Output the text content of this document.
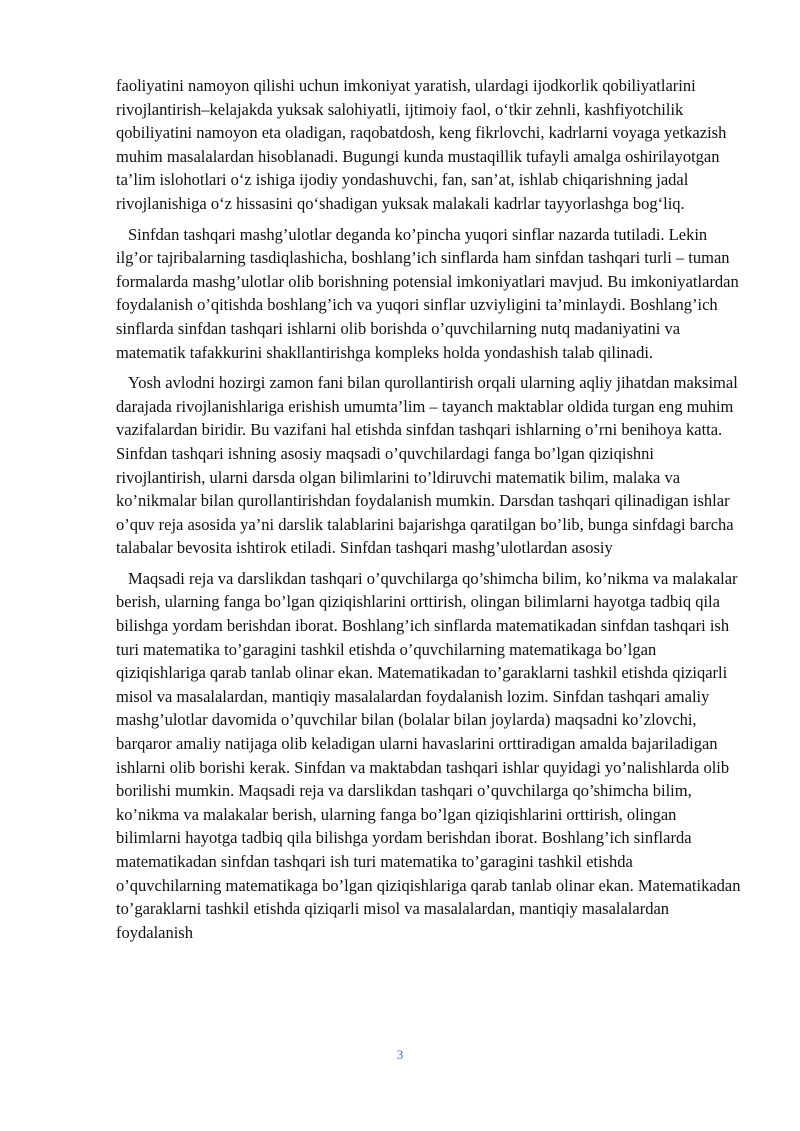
faoliyatini namoyon qilishi uchun imkoniyat yaratish, ulardagi ijodkorlik qobiliyatlarini rivojlantirish–kelajakda yuksak salohiyatli, ijtimoiy faol, o‘tkir zehnli, kashfiyotchilik qobiliyatini namoyon eta oladigan, raqobatdosh, keng fikrlovchi, kadrlarni voyaga yetkazish muhim masalalardan hisoblanadi. Bugungi kunda mustaqillik tufayli amalga oshirilayotgan ta’lim islohotlari o‘z ishiga ijodiy yondashuvchi, fan, san’at, ishlab chiqarishning jadal rivojlanishiga o‘z hissasini qo‘shadigan yuksak malakali kadrlar tayyorlashga bog‘liq.

Sinfdan tashqari mashg’ulotlar deganda ko’pincha yuqori sinflar nazarda tutiladi. Lekin ilg’or tajribalarning tasdiqlashicha, boshlang’ich sinflarda ham sinfdan tashqari turli – tuman formalarda mashg’ulotlar olib borishning potensial imkoniyatlari mavjud. Bu imkoniyatlardan foydalanish o’qitishda boshlang’ich va yuqori sinflar uzviyligini ta’minlaydi. Boshlang’ich sinflarda sinfdan tashqari ishlarni olib borishda o’quvchilarning nutq madaniyatini va matematik tafakkurini shakllantirishga kompleks holda yondashish talab qilinadi.

Yosh avlodni hozirgi zamon fani bilan qurollantirish orqali ularning aqliy jihatdan maksimal darajada rivojlanishlariga erishish umumta’lim – tayanch maktablar oldida turgan eng muhim vazifalardan biridir. Bu vazifani hal etishda sinfdan tashqari ishlarning o’rni benihoya katta. Sinfdan tashqari ishning asosiy maqsadi o’quvchilardagi fanga bo’lgan qiziqishni rivojlantirish, ularni darsda olgan bilimlarini to’ldiruvchi matematik bilim, malaka va ko’nikmalar bilan qurollantirishdan foydalanish mumkin. Darsdan tashqari qilinadigan ishlar o’quv reja asosida ya’ni darslik talablarini bajarishga qaratilgan bo’lib, bunga sinfdagi barcha talabalar bevosita ishtirok etiladi. Sinfdan tashqari mashg’ulotlardan asosiy

Maqsadi reja va darslikdan tashqari o’quvchilarga qo’shimcha bilim, ko’nikma va malakalar berish, ularning fanga bo’lgan qiziqishlarini orttirish, olingan bilimlarni hayotga tadbiq qila bilishga yordam berishdan iborat. Boshlang’ich sinflarda matematikadan sinfdan tashqari ish turi matematika to’garagini tashkil etishda o’quvchilarning matematikaga bo’lgan qiziqishlariga qarab tanlab olinar ekan. Matematikadan to’garaklarni tashkil etishda qiziqarli misol va masalalardan, mantiqiy masalalardan foydalanish lozim. Sinfdan tashqari amaliy mashg’ulotlar davomida o’quvchilar bilan (bolalar bilan joylarda) maqsadni ko’zlovchi, barqaror amaliy natijaga olib keladigan ularni havaslarini orttiradigan amalda bajariladigan ishlarni olib borishi kerak. Sinfdan va maktabdan tashqari ishlar quyidagi yo’nalishlarda olib borilishi mumkin. Maqsadi reja va darslikdan tashqari o’quvchilarga qo’shimcha bilim, ko’nikma va malakalar berish, ularning fanga bo’lgan qiziqishlarini orttirish, olingan bilimlarni hayotga tadbiq qila bilishga yordam berishdan iborat. Boshlang’ich sinflarda matematikadan sinfdan tashqari ish turi matematika to’garagini tashkil etishda o’quvchilarning matematikaga bo’lgan qiziqishlariga qarab tanlab olinar ekan. Matematikadan to’garaklarni tashkil etishda qiziqarli misol va masalalardan, mantiqiy masalalardan foydalanish

3
